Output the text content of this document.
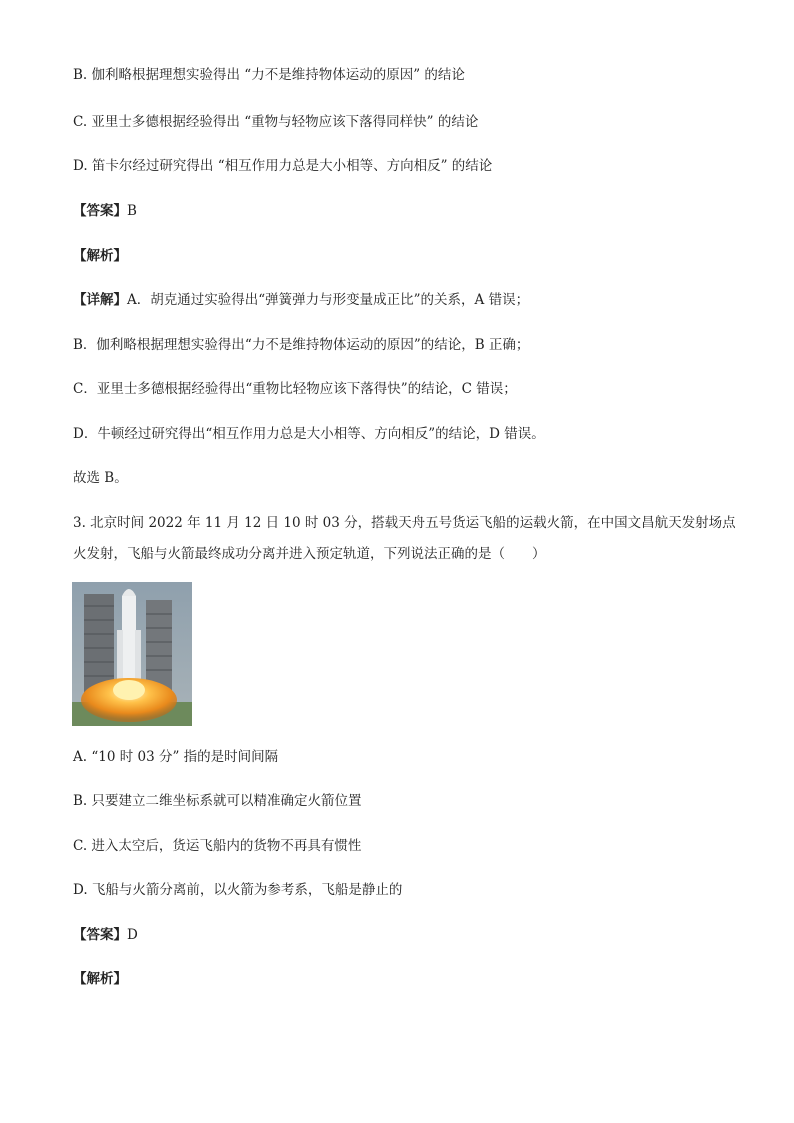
B. 伽利略根据理想实验得出 “力不是维持物体运动的原因” 的结论
C. 亚里士多德根据经验得出 “重物与轻物应该下落得同样快” 的结论
D. 笛卡尔经过研究得出 “相互作用力总是大小相等、方向相反” 的结论
【答案】B
【解析】
【详解】A．胡克通过实验得出“弹簧弹力与形变量成正比”的关系，A 错误；
B．伽利略根据理想实验得出“力不是维持物体运动的原因”的结论，B 正确；
C．亚里士多德根据经验得出“重物比轻物应该下落得快”的结论，C 错误；
D．牛顿经过研究得出“相互作用力总是大小相等、方向相反”的结论，D 错误。
故选 B。
3. 北京时间 2022 年 11 月 12 日 10 时 03 分，搭载天舟五号货运飞船的运载火箭，在中国文昌航天发射场点
火发射，飞船与火箭最终成功分离并进入预定轨道，下列说法正确的是（　　）
A. “10 时 03 分” 指的是时间间隔
B. 只要建立二维坐标系就可以精准确定火箭位置
C. 进入太空后，货运飞船内的货物不再具有惯性
D. 飞船与火箭分离前，以火箭为参考系，飞船是静止的
【答案】D
【解析】
